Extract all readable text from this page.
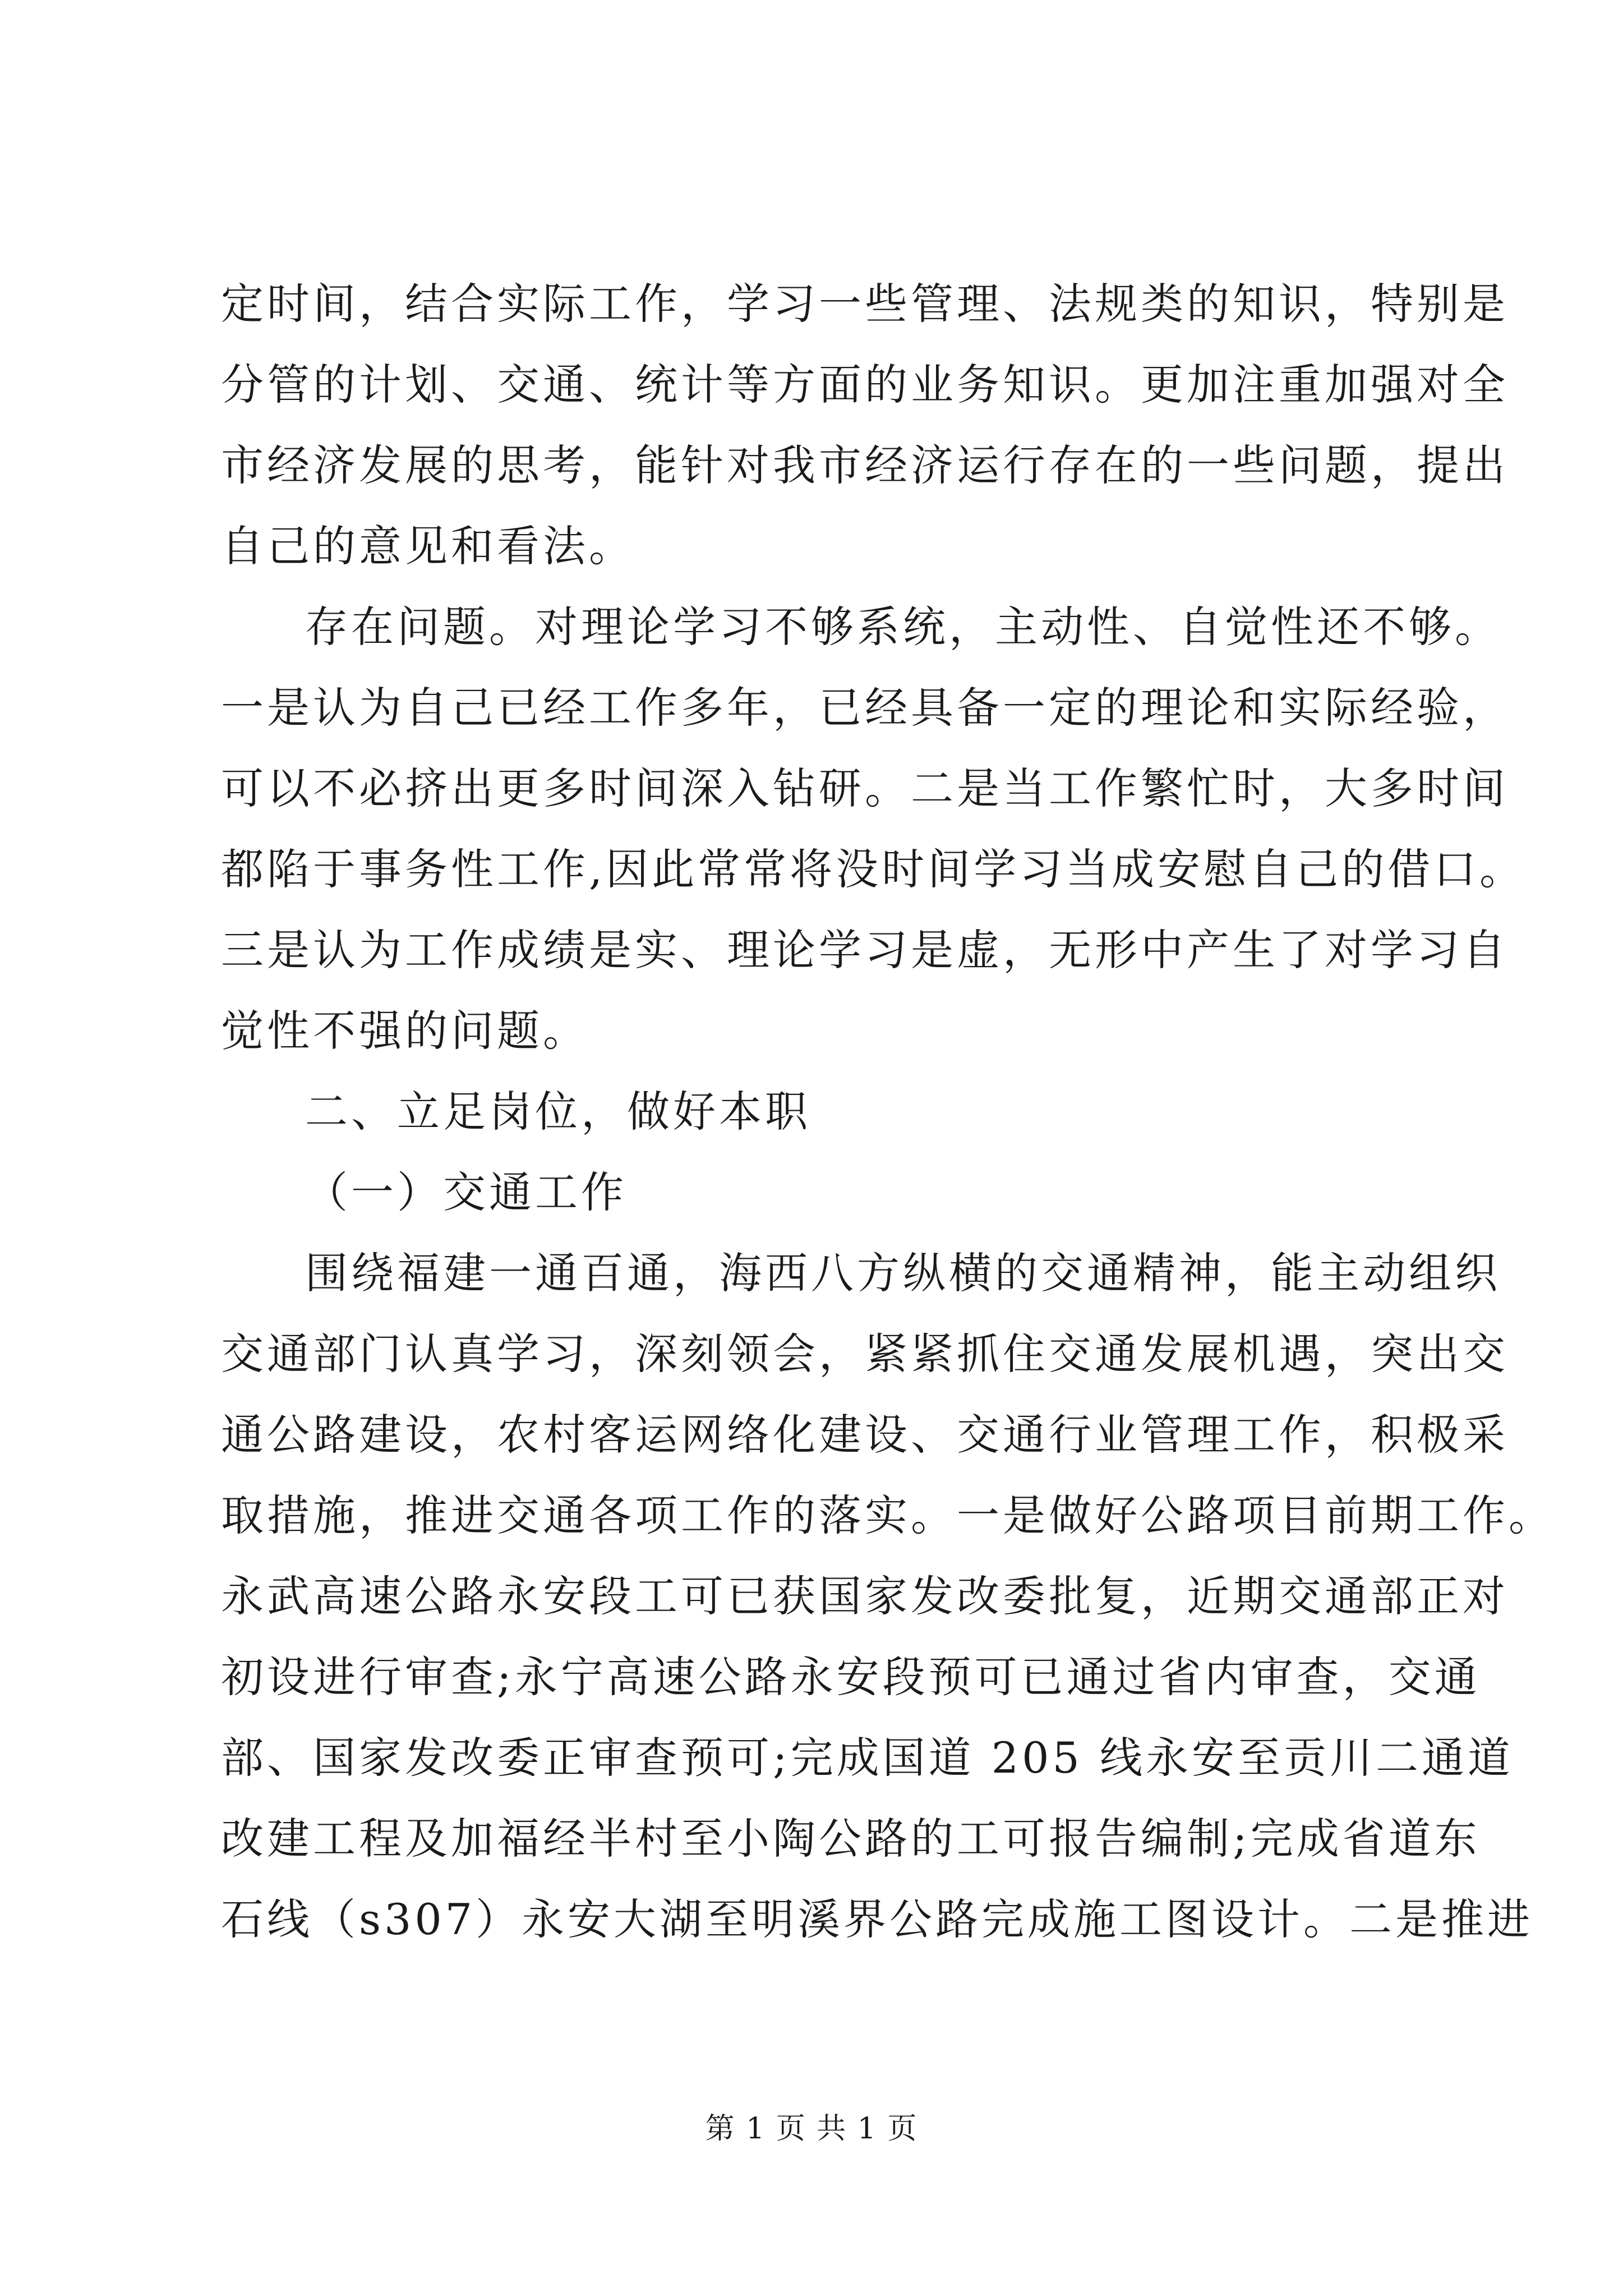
定时间，结合实际工作，学习一些管理、法规类的知识，特别是
分管的计划、交通、统计等方面的业务知识。更加注重加强对全
市经济发展的思考，能针对我市经济运行存在的一些问题，提出
自己的意见和看法。
存在问题。对理论学习不够系统，主动性、自觉性还不够。
一是认为自己已经工作多年，已经具备一定的理论和实际经验，
可以不必挤出更多时间深入钻研。二是当工作繁忙时，大多时间
都陷于事务性工作,因此常常将没时间学习当成安慰自己的借口。
三是认为工作成绩是实、理论学习是虚，无形中产生了对学习自
觉性不强的问题。
二、立足岗位，做好本职
（一）交通工作
围绕福建一通百通，海西八方纵横的交通精神，能主动组织
交通部门认真学习，深刻领会，紧紧抓住交通发展机遇，突出交
通公路建设，农村客运网络化建设、交通行业管理工作，积极采
取措施，推进交通各项工作的落实。一是做好公路项目前期工作。
永武高速公路永安段工可已获国家发改委批复，近期交通部正对
初设进行审查;永宁高速公路永安段预可已通过省内审查，交通
部、国家发改委正审查预可;完成国道 205 线永安至贡川二通道
改建工程及加福经半村至小陶公路的工可报告编制;完成省道东
石线（s307）永安大湖至明溪界公路完成施工图设计。二是推进
第 1 页 共 1 页
